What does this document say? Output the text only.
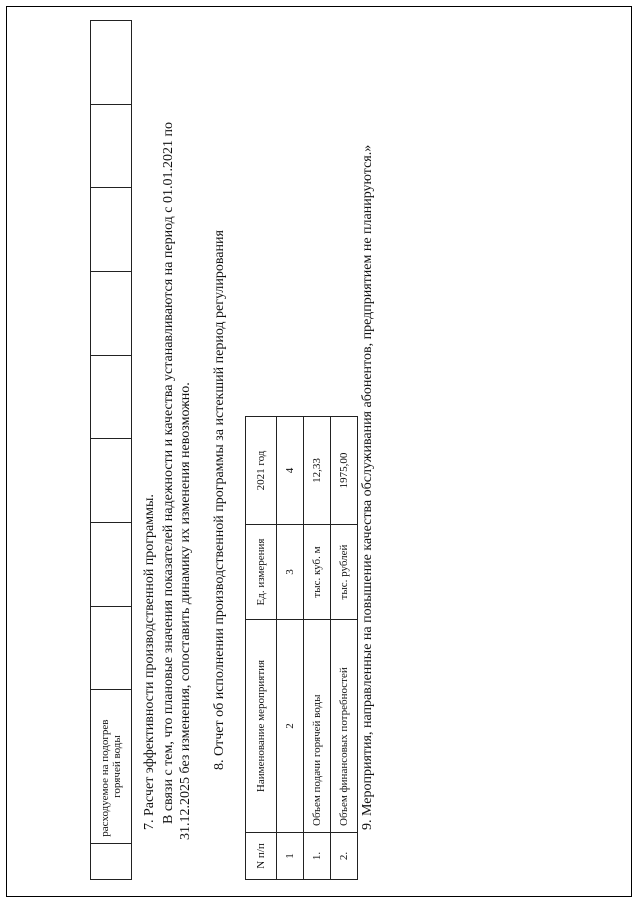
расходуемое на подогрев горячей воды
								7. Расчет эффективности производственной программы. В связи с тем, что плановые значения показателей надежности и качества устанавливаются на период с 01.01.2021 по 31.12.2025 без изменения, сопоставить динамику их изменения невозможно. 8. Отчет об исполнении производственной программы за истекший период регулирования
N п/п	Наименование мероприятия	Ед. измерения	2021 год
1	2	3	4
1.	Объем подачи горячей воды	тыс. куб. м	12,33
2.	Объем финансовых потребностей	тыс. рублей	1975,00 9. Мероприятия, направленные на повышение качества обслуживания абонентов, предприятием не планируются.»
